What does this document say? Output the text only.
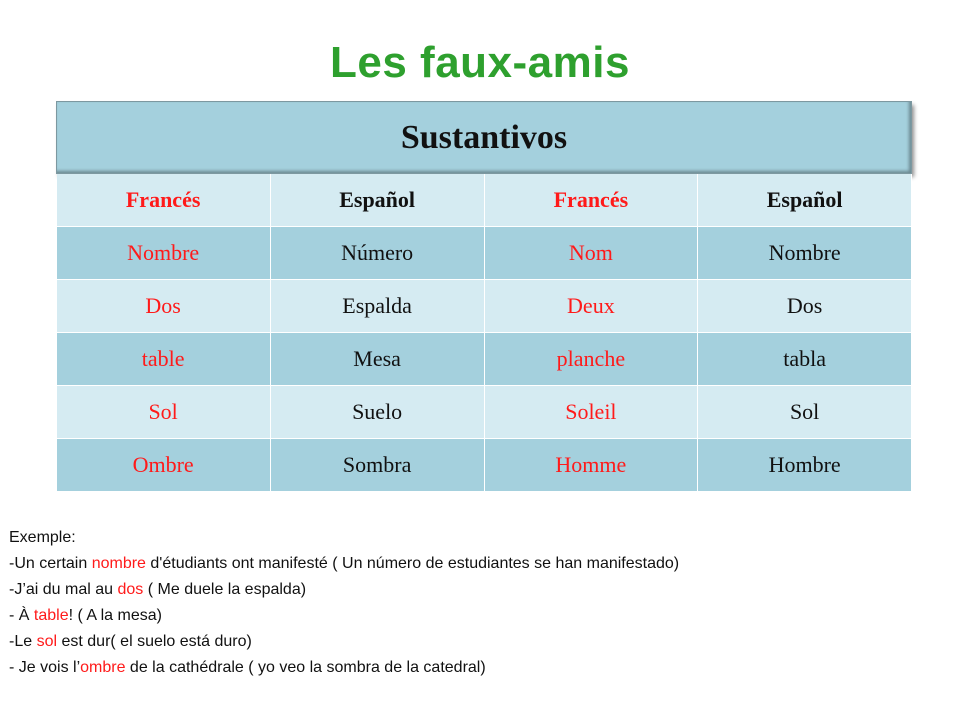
Les faux-amis
Sustantivos			
Francés	Español	Francés	Español
Nombre	Número	Nom	Nombre
Dos	Espalda	Deux	Dos
table	Mesa	planche	tabla
Sol	Suelo	Soleil	Sol
Ombre	Sombra	Homme	Hombre
Exemple:
-Un certain nombre d'étudiants ont manifesté ( Un número de estudiantes se han manifestado)
-J’ai du mal au dos ( Me duele la espalda)
- À table! ( A la mesa)
-Le sol est dur( el suelo está duro)
- Je vois l’ombre de la cathédrale ( yo veo la sombra de la catedral)
